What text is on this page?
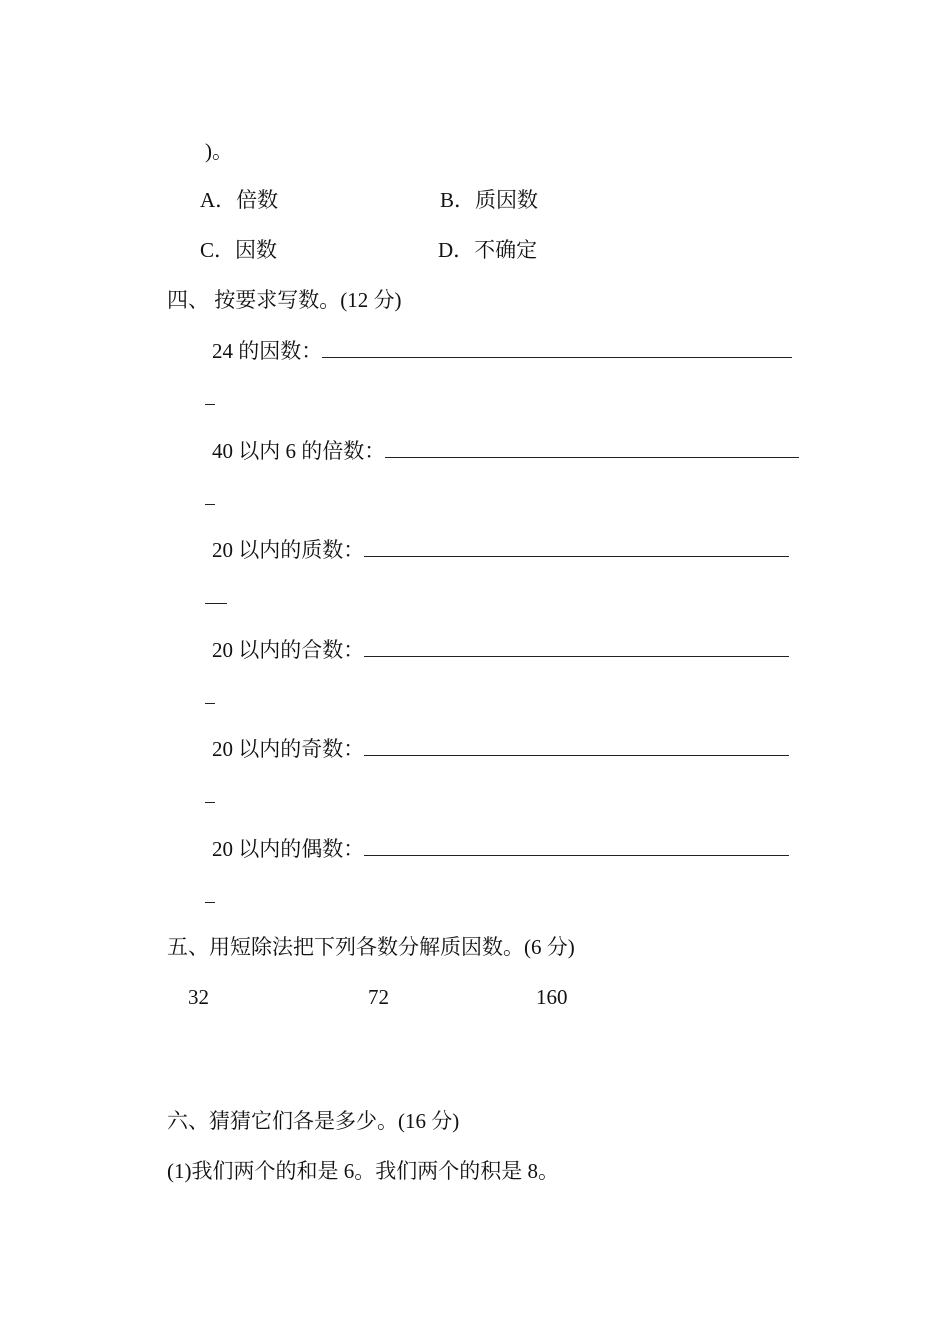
)。
A．倍数	B．质因数
C．因数	D．不确定
四、 按要求写数。(12 分)
24 的因数：
40 以内 6 的倍数：
20 以内的质数：
20 以内的合数：
20 以内的奇数：
20 以内的偶数：
五、用短除法把下列各数分解质因数。(6 分)
32	72	160
六、猜猜它们各是多少。(16 分)
(1)我们两个的和是 6。我们两个的积是 8。
